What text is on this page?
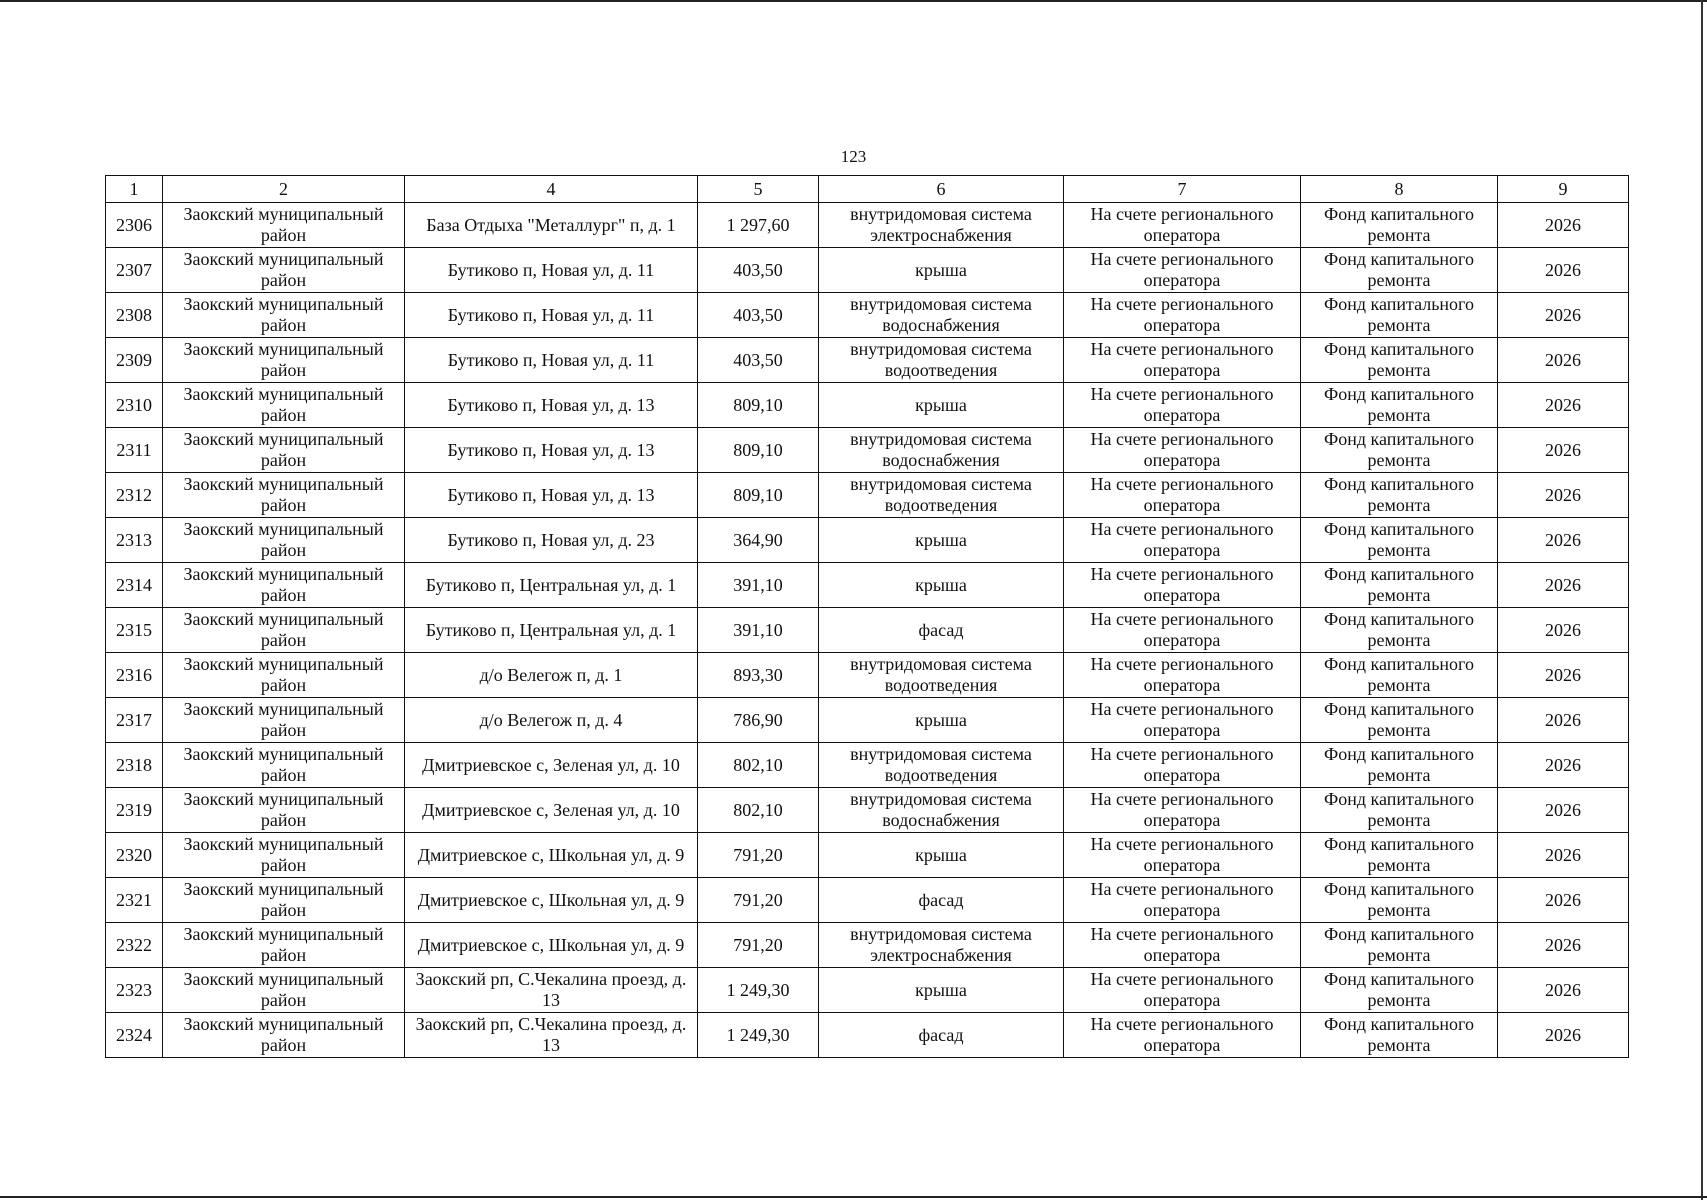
123
1	2	4	5	6	7	8	9
2306	Заокский муниципальный район	База Отдыха "Металлург" п, д. 1	1 297,60	внутридомовая система электроснабжения	На счете регионального оператора	Фонд капитального ремонта	2026
2307	Заокский муниципальный район	Бутиково п, Новая ул, д. 11	403,50	крыша	На счете регионального оператора	Фонд капитального ремонта	2026
2308	Заокский муниципальный район	Бутиково п, Новая ул, д. 11	403,50	внутридомовая система водоснабжения	На счете регионального оператора	Фонд капитального ремонта	2026
2309	Заокский муниципальный район	Бутиково п, Новая ул, д. 11	403,50	внутридомовая система водоотведения	На счете регионального оператора	Фонд капитального ремонта	2026
2310	Заокский муниципальный район	Бутиково п, Новая ул, д. 13	809,10	крыша	На счете регионального оператора	Фонд капитального ремонта	2026
2311	Заокский муниципальный район	Бутиково п, Новая ул, д. 13	809,10	внутридомовая система водоснабжения	На счете регионального оператора	Фонд капитального ремонта	2026
2312	Заокский муниципальный район	Бутиково п, Новая ул, д. 13	809,10	внутридомовая система водоотведения	На счете регионального оператора	Фонд капитального ремонта	2026
2313	Заокский муниципальный район	Бутиково п, Новая ул, д. 23	364,90	крыша	На счете регионального оператора	Фонд капитального ремонта	2026
2314	Заокский муниципальный район	Бутиково п, Центральная ул, д. 1	391,10	крыша	На счете регионального оператора	Фонд капитального ремонта	2026
2315	Заокский муниципальный район	Бутиково п, Центральная ул, д. 1	391,10	фасад	На счете регионального оператора	Фонд капитального ремонта	2026
2316	Заокский муниципальный район	д/о Велегож п, д. 1	893,30	внутридомовая система водоотведения	На счете регионального оператора	Фонд капитального ремонта	2026
2317	Заокский муниципальный район	д/о Велегож п, д. 4	786,90	крыша	На счете регионального оператора	Фонд капитального ремонта	2026
2318	Заокский муниципальный район	Дмитриевское с, Зеленая ул, д. 10	802,10	внутридомовая система водоотведения	На счете регионального оператора	Фонд капитального ремонта	2026
2319	Заокский муниципальный район	Дмитриевское с, Зеленая ул, д. 10	802,10	внутридомовая система водоснабжения	На счете регионального оператора	Фонд капитального ремонта	2026
2320	Заокский муниципальный район	Дмитриевское с, Школьная ул, д. 9	791,20	крыша	На счете регионального оператора	Фонд капитального ремонта	2026
2321	Заокский муниципальный район	Дмитриевское с, Школьная ул, д. 9	791,20	фасад	На счете регионального оператора	Фонд капитального ремонта	2026
2322	Заокский муниципальный район	Дмитриевское с, Школьная ул, д. 9	791,20	внутридомовая система электроснабжения	На счете регионального оператора	Фонд капитального ремонта	2026
2323	Заокский муниципальный район	Заокский рп, С.Чекалина проезд, д. 13	1 249,30	крыша	На счете регионального оператора	Фонд капитального ремонта	2026
2324	Заокский муниципальный район	Заокский рп, С.Чекалина проезд, д. 13	1 249,30	фасад	На счете регионального оператора	Фонд капитального ремонта	2026
